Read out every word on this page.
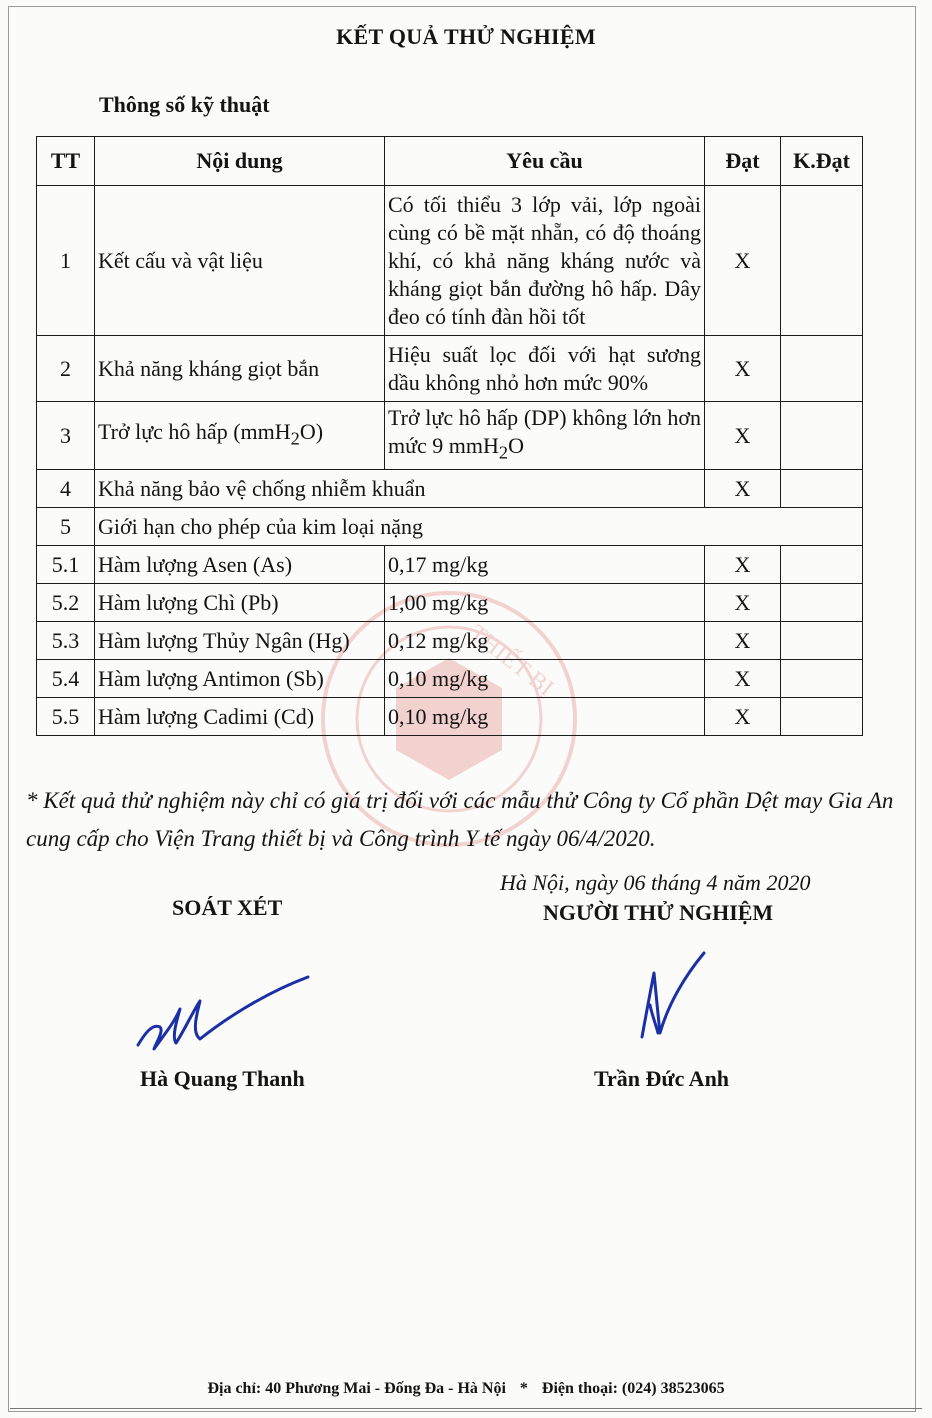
KẾT QUẢ THỬ NGHIỆM
Thông số kỹ thuật
THIẾT BỊ
TT	Nội dung	Yêu cầu	Đạt	K.Đạt
1	Kết cấu và vật liệu	Có tối thiểu 3 lớp vải, lớp ngoài cùng có bề mặt nhẵn, có độ thoáng khí, có khả năng kháng nước và kháng giọt bắn đường hô hấp. Dây đeo có tính đàn hồi tốt	X	
2	Khả năng kháng giọt bắn	Hiệu suất lọc đối với hạt sương dầu không nhỏ hơn mức 90%	X	
3	Trở lực hô hấp (mmH$_2$O)	Trở lực hô hấp (DP) không lớn hơn mức 9 mmH$_2$O	X	
4	Khả năng bảo vệ chống nhiễm khuẩn		X	
5	Giới hạn cho phép của kim loại nặng			
5.1	Hàm lượng Asen (As)	0,17 mg/kg	X	
5.2	Hàm lượng Chì (Pb)	1,00 mg/kg	X	
5.3	Hàm lượng Thủy Ngân (Hg)	0,12 mg/kg	X	
5.4	Hàm lượng Antimon (Sb)	0,10 mg/kg	X	
5.5	Hàm lượng Cadimi (Cd)	0,10 mg/kg	X	
* Kết quả thử nghiệm này chỉ có giá trị đối với các mẫu thử Công ty Cổ phần Dệt may Gia An cung cấp cho Viện Trang thiết bị và Công trình Y tế ngày 06/4/2020.
Hà Nội, ngày 06 tháng 4 năm 2020
SOÁT XÉT	NGƯỜI THỬ NGHIỆM
Hà Quang Thanh	Trần Đức Anh
Địa chỉ: 40 Phương Mai - Đống Đa - Hà Nội * Điện thoại: (024) 38523065
